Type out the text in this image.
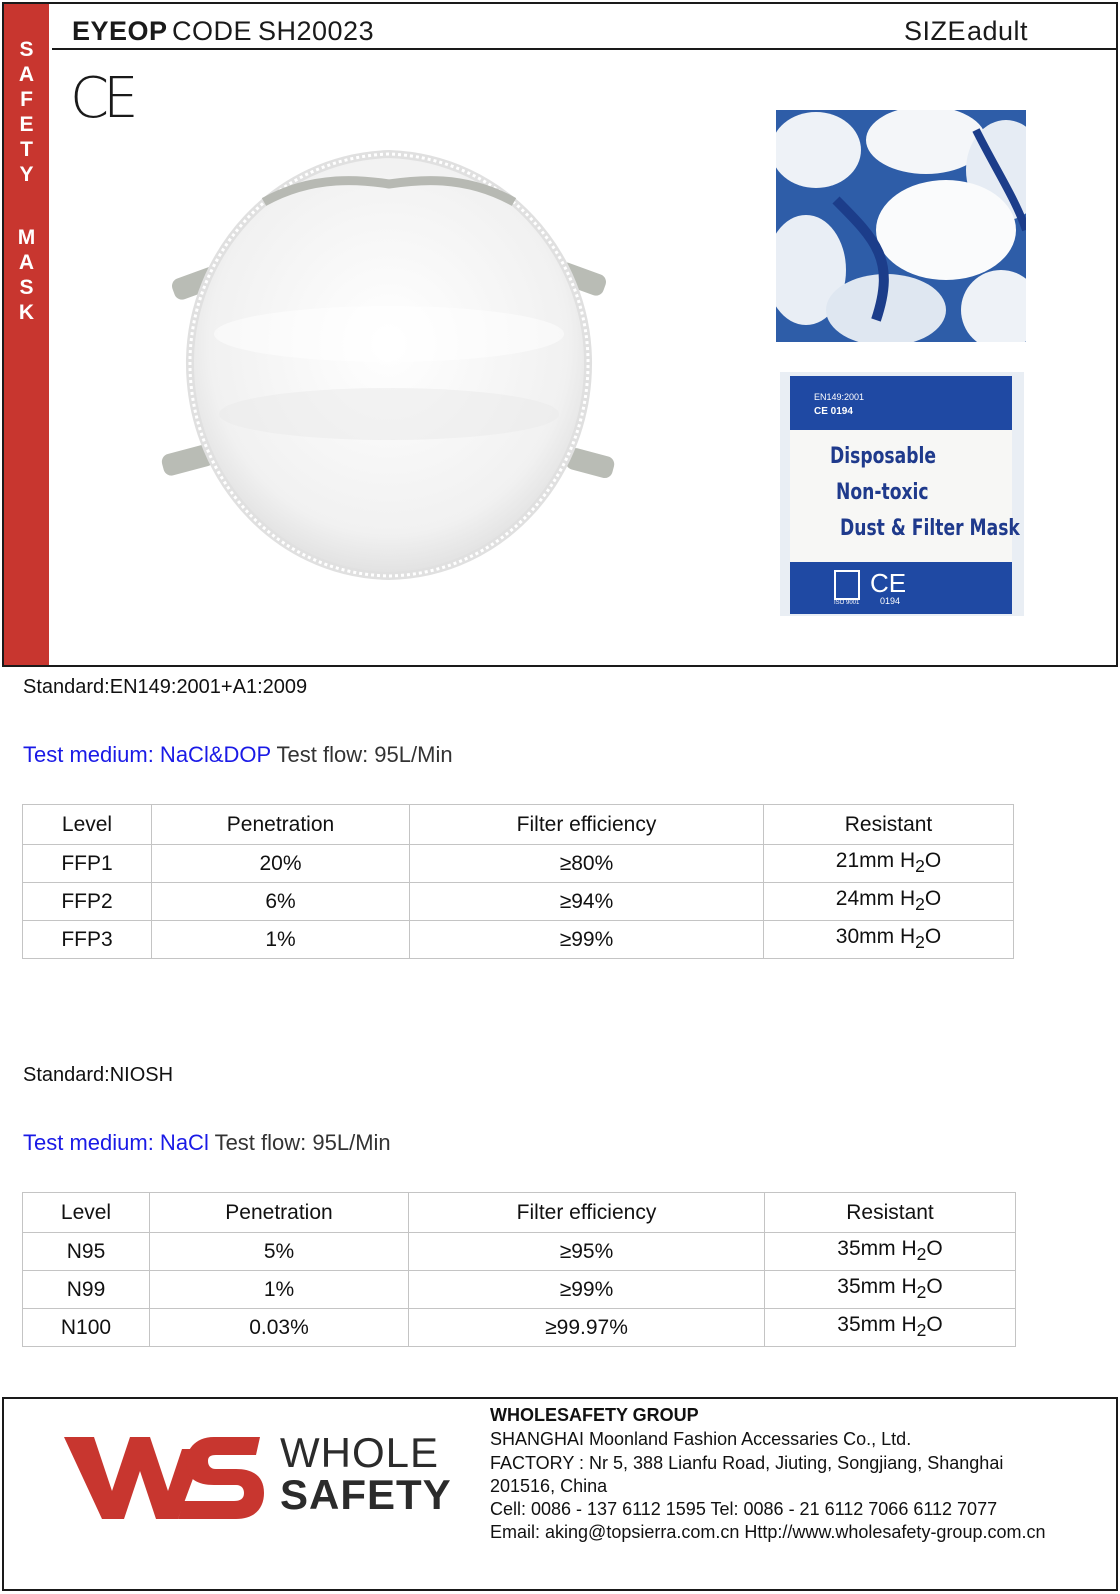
S
A
F
E
T
Y
M
A
S
K
EYEOP CODE SH20023	SIZE adult
CE
EN149:2001
CE 0194
Disposable
Non-toxic
Dust & Filter Mask
ISO 9001
CE
0194
Standard:EN149:2001+A1:2009
Test medium: NaCl&DOP Test flow: 95L/Min
Level	Penetration	Filter efficiency	Resistant
FFP1	20%	≥80%	21mm $H_2O$
FFP2	6%	≥94%	24mm $H_2O$
FFP3	1%	≥99%	30mm $H_2O$
Standard:NIOSH
Test medium: NaCl Test flow: 95L/Min
Level	Penetration	Filter efficiency	Resistant
N95	5%	≥95%	35mm $H_2O$
N99	1%	≥99%	35mm $H_2O$
N100	0.03%	≥99.97%	35mm $H_2O$
WHOLE
SAFETY
WHOLESAFETY GROUP
SHANGHAI Moonland Fashion Accessaries Co., Ltd.
FACTORY : Nr 5, 388 Lianfu Road, Jiuting, Songjiang, Shanghai
201516, China
Cell: 0086 - 137 6112 1595 Tel: 0086 - 21 6112 7066 6112 7077
Email: aking@topsierra.com.cn Http://www.wholesafety-group.com.cn
